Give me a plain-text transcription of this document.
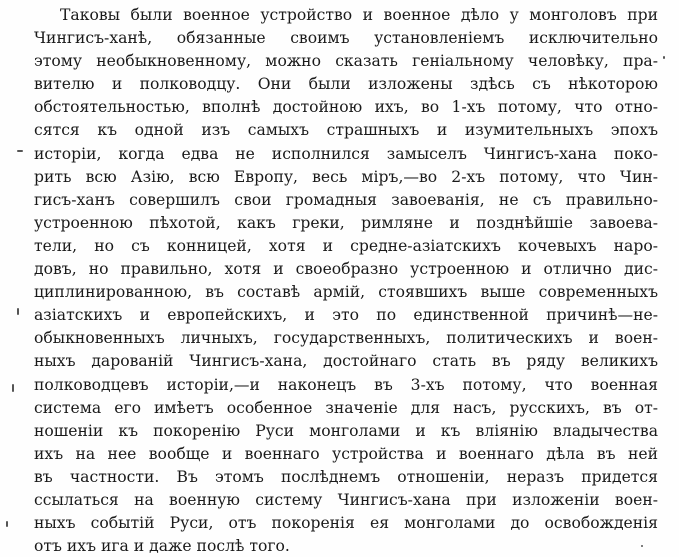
Таковы были военное устройство и военное дѣло у монголовъ при
Чингисъ-ханѣ, обязанные своимъ установленіемъ исключительно
этому необыкновенному, можно сказать геніальному человѣку, пра-
вителю и полководцу. Они были изложены здѣсь съ нѣкоторою
обстоятельностью, вполнѣ достойною ихъ, во 1-хъ потому, что отно-
сятся къ одной изъ самыхъ страшныхъ и изумительныхъ эпохъ
исторіи, когда едва не исполнился замыселъ Чингисъ-хана поко-
рить всю Азію, всю Европу, весь міръ,—во 2-хъ потому, что Чин-
гисъ-ханъ совершилъ свои громадныя завоеванія, не съ правильно-
устроенною пѣхотой, какъ греки, римляне и позднѣйшіе завоева-
тели, но съ конницей, хотя и средне-азіатскихъ кочевыхъ наро-
довъ, но правильно, хотя и своеобразно устроенною и отлично дис-
циплинированною, въ составѣ армій, стоявшихъ выше современныхъ
азіатскихъ и европейскихъ, и это по единственной причинѣ—не-
обыкновенныхъ личныхъ, государственныхъ, политическихъ и воен-
ныхъ дарованій Чингисъ-хана, достойнаго стать въ ряду великихъ
полководцевъ исторіи,—и наконецъ въ 3-хъ потому, что военная
система его имѣетъ особенное значеніе для насъ, русскихъ, въ от-
ношеніи къ покоренію Руси монголами и къ вліянію владычества
ихъ на нее вообще и военнаго устройства и военнаго дѣла въ ней
въ частности. Въ этомъ послѣднемъ отношеніи, неразъ придется
ссылаться на военную систему Чингисъ-хана при изложеніи воен-
ныхъ событій Руси, отъ покоренія ея монголами до освобожденія
отъ ихъ ига и даже послѣ того.
